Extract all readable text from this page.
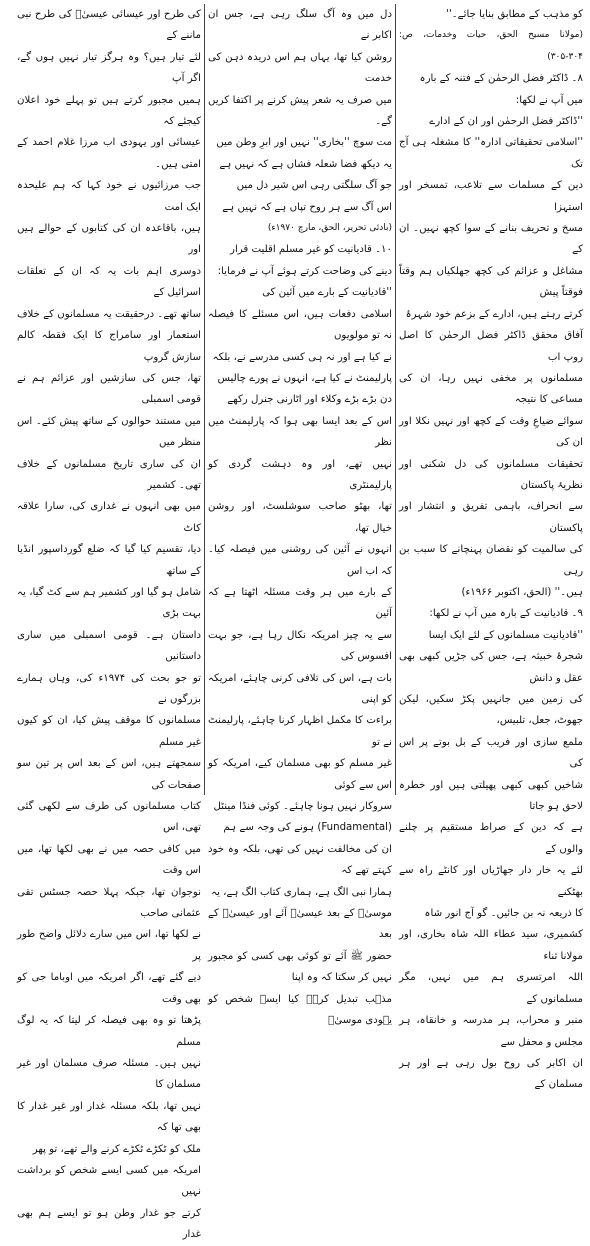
کو مذہب کے مطابق بنایا جائے۔''

(مولانا مسیح الحق، حیات وخدمات، ص: ۳۰۴-۳۰۵)

۸۔ ڈاکٹر فضل الرحمٰن کے فتنہ کے بارہ

میں آپ نے لکھا:

''ڈاکٹر فضل الرحمٰن اور ان کے ادارے

''اسلامی تحقیقاتی ادارہ'' کا مشغلہ ہی آج تک

دین کے مسلمات سے تلاعب، تمسخر اور استہزا

مسخ و تحریف بنانے کے سوا کچھ نہیں۔ ان کے

مشاغل و عزائم کی کچھ جھلکیاں ہم وقتاً فوقتاً پیش

کرتے رہتے ہیں، ادارے کے بزعم خود شہرۂ

آفاق محقق ڈاکٹر فضل الرحمٰن کا اصل روپ اب

مسلمانوں پر مخفی نہیں رہا، ان کی مساعی کا نتیجہ

سوائے ضیاعِ وقت کے کچھ اور نہیں نکلا اور ان کی

تحقیقات مسلمانوں کی دل شکنی اور نظریۂ پاکستان

سے انحراف، باہمی تفریق و انتشار اور پاکستان

کی سالمیت کو نقصان پہنچانے کا سبب بن رہی

ہیں۔'' (الحق، اکتوبر ۱۹۶۶ء)

۹۔ قادیانیت کے بارہ میں آپ نے لکھا:

''قادیانیت مسلمانوں کے لئے ایک ایسا

شجرۂ خبیثہ ہے، جس کی جڑیں کبھی بھی عقل و دانش

کی زمین میں جانہیں پکڑ سکیں، لیکن جھوٹ، جعل، تلبیس،

ملمع سازی اور فریب کے بل بوتے پر اس کی

شاخیں کبھی کبھی پھیلتی ہیں اور خطرہ لاحق ہو جاتا

ہے کہ دین کے صراط مستقیم پر چلنے والوں کے

لئے یہ خار دار جھاڑیاں اور کانٹے راہ سے بھٹکنے

کا ذریعہ نہ بن جائیں۔ گو آج انور شاہ

کشمیری، سید عطاء اللہ شاہ بخاری، اور مولانا ثناء

اللہ امرتسری ہم میں نہیں، مگر مسلمانوں کے

منبر و محراب، ہر مدرسہ و خانقاہ، ہر مجلس و محفل سے

ان اکابر کی روح بول رہی ہے اور ہر مسلمان کے

دل میں وہ آگ سلگ رہی ہے، جس ان اکابر نے

روشن کیا تھا، یہاں ہم اس دریدہ دہن کی خدمت

میں صرف یہ شعر پیش کرنے پر اکتفا کریں گے۔

مت سوچ ''بخاری'' نہیں اور ابرِ وطن میں

یہ دیکھ فضا شعلہ فشاں ہے کہ نہیں ہے

جو آگ سلگتی رہی اس شیر دل میں

اس آگ سے ہر روح تپاں ہے کہ نہیں ہے

(بادئی تحریر، الحق، مارچ ۱۹۷۰ء)

۱۰۔ قادیانیت کو غیر مسلم اقلیت قرار

دینے کی وضاحت کرتے ہوئے آپ نے فرمایا:

''قادیانیت کے بارے میں آئین کی

اسلامی دفعات ہیں، اس مسئلے کا فیصلہ نہ تو مولویوں

نے کیا ہے اور نہ ہی کسی مدرسے نے، بلکہ

پارلیمنٹ نے کیا ہے، انہوں نے پورے چالیس

دن بڑے بڑے وکلاء اور اٹارنی جنرل رکھے

اس کے بعد ایسا بھی ہوا کہ پارلیمنٹ میں نظر

نہیں تھے، اور وہ دہشت گردی کو پارلیمنٹری

تھا، بھٹو صاحب سوشلسٹ، اور روشن خیال تھا،

انہوں نے آئین کی روشنی میں فیصلہ کیا۔ کہ اب اس

کے بارے میں ہر وقت مسئلہ اٹھتا ہے کہ آئین

سے یہ چیز امریکہ نکال رہا ہے، جو بہت افسوس کی

بات ہے، اس کی تلافی کرنی چاہئے، امریکہ کو اپنی

براءت کا مکمل اظہار کرنا چاہئے، پارلیمنٹ نے تو

غیر مسلم کو بھی مسلمان کیے، امریکہ کو اس سے کوئی

سروکار نہیں ہونا چاہئے۔ کوئی فنڈا مینٹل

(Fundamental) ہونے کی وجہ سے ہم

ان کی مخالفت نہیں کی تھی، بلکہ وہ خود کہتے تھے کہ

ہمارا نبی الگ ہے، ہماری کتاب الگ ہے، یہ

موسیٰؑ کے بعد عیسیٰؑ آئے اور عیسیٰؑ کے بعد

حضور ﷺ آئے تو کوئی بھی کسی کو مجبور نہیں کر سکتا کہ وہ اپنا

مذہب تبدیل کرے۔ کیا ایسے شخص کو یہودی موسیٰؑ

کی طرح اور عیسائی عیسیٰؑ کی طرح نبی ماننے کے

لئے تیار ہیں؟ وہ ہرگز تیار نہیں ہوں گے، اگر آپ

ہمیں مجبور کرتے ہیں تو پہلے خود اعلان کیجئے کہ

عیسائی اور یہودی اب مرزا غلام احمد کے امتی ہیں۔

جب مرزائیوں نے خود کہا کہ ہم علیحدہ ایک امت

ہیں، باقاعدہ ان کی کتابوں کے حوالے ہیں اور

دوسری اہم بات یہ کہ ان کے تعلقات اسرائیل کے

ساتھ تھے۔ درحقیقت یہ مسلمانوں کے خلاف

استعمار اور سامراج کا ایک فقطہ کالم سازش گروپ

تھا، جس کی سازشیں اور عزائم ہم نے قومی اسمبلی

میں مستند حوالوں کے ساتھ پیش کئے۔ اس منظر میں

ان کی ساری تاریخ مسلمانوں کے خلاف تھی۔ کشمیر

میں بھی انہوں نے غداری کی، سارا علاقہ کاٹ

دیا، تقسیم کیا گیا کہ ضلع گورداسپور انڈیا کے ساتھ

شامل ہو گیا اور کشمیر ہم سے کٹ گیا، یہ بہت بڑی

داستان ہے۔ قومی اسمبلی میں ساری داستانیں

تو جو بحث کی ۱۹۷۴ء کی، وہاں ہمارے بزرگوں نے

مسلمانوں کا موقف پیش کیا، ان کو کیوں غیر مسلم

سمجھتے ہیں، اس کے بعد اس پر تین سو صفحات کی

کتاب مسلمانوں کی طرف سے لکھی گئی تھی، اس

میں کافی حصہ میں نے بھی لکھا تھا، میں اس وقت

نوجوان تھا، جبکہ پہلا حصہ جسٹس تقی عثمانی صاحب

نے لکھا تھا، اس میں سارے دلائل واضح طور پر

دیے گئے تھے، اگر امریکہ میں اوباما جی کو بھی وقت

پڑھتا تو وہ بھی فیصلہ کر لیتا کہ یہ لوگ مسلم

نہیں ہیں۔ مسئلہ صرف مسلمان اور غیر مسلمان کا

نہیں تھا، بلکہ مسئلہ غدار اور غیر غدار کا بھی تھا کہ

ملک کو ٹکڑے ٹکڑے کرنے والے تھے، تو پھر

امریکہ میں کسی ایسے شخص کو برداشت نہیں

کرتے جو غدار وطن ہو تو ایسے ہم بھی غدار
